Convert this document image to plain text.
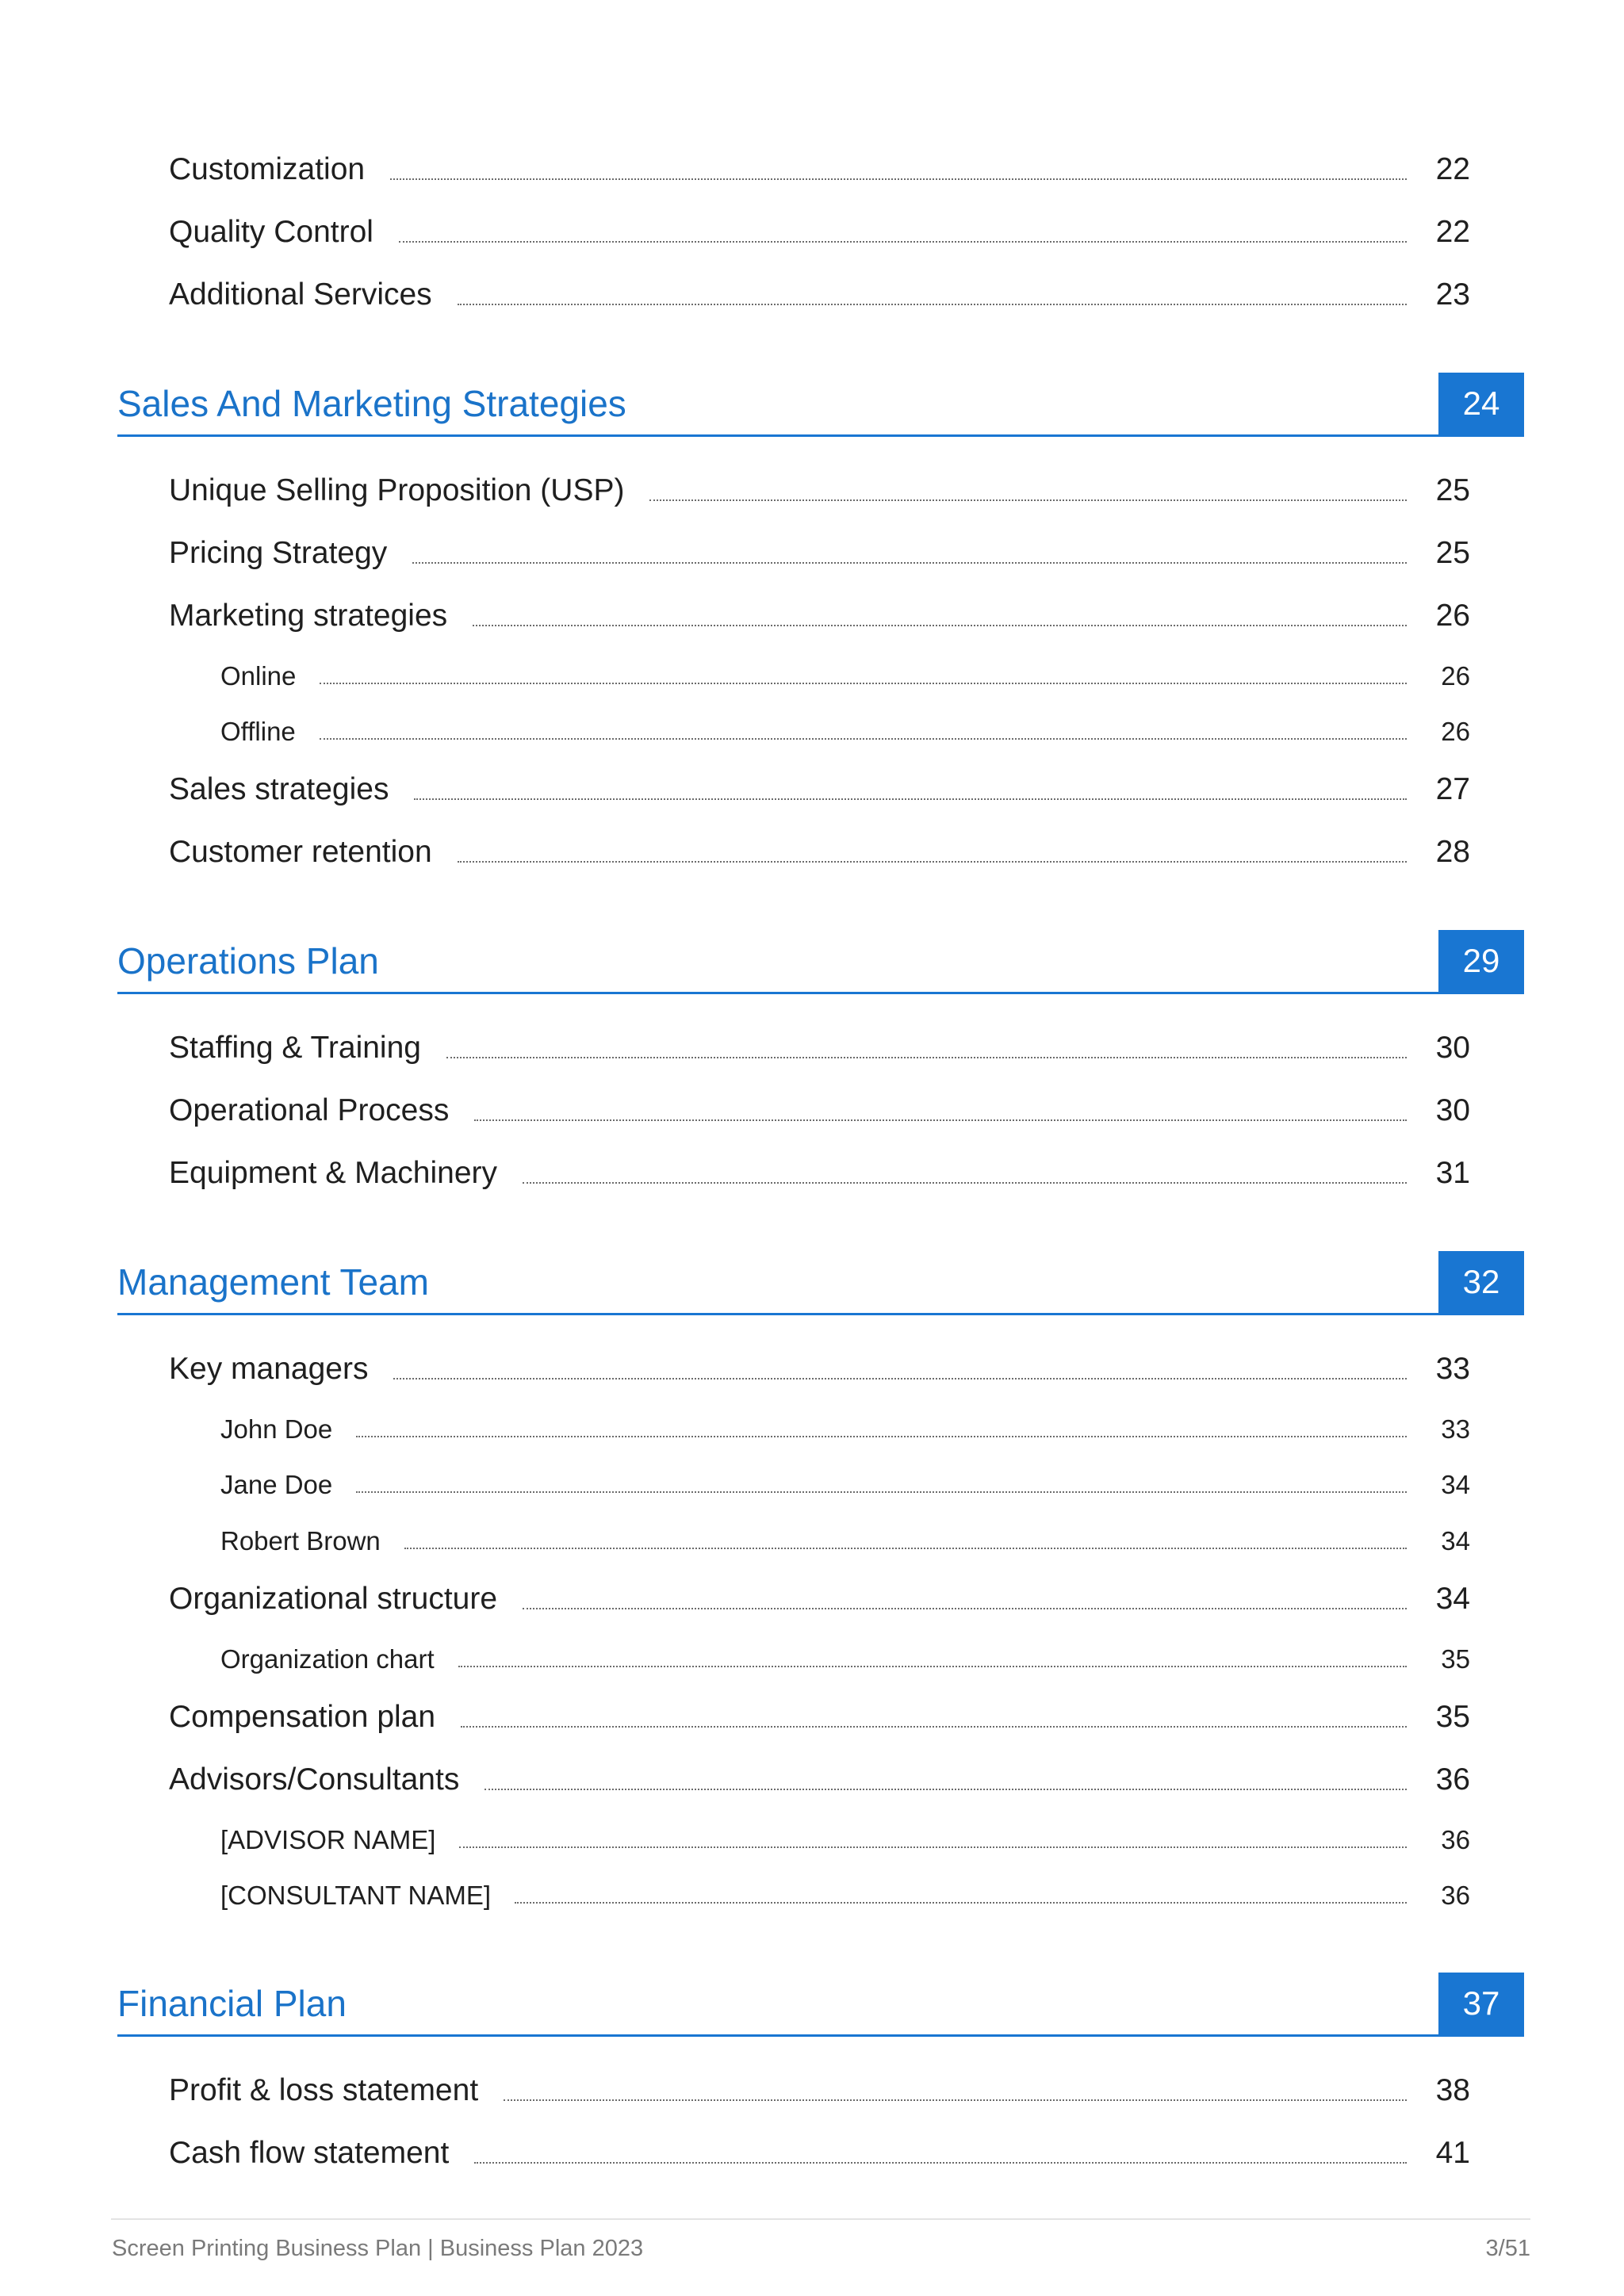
Customization	22
Quality Control	22
Additional Services	23
Sales And Marketing Strategies	24
Unique Selling Proposition (USP)	25
Pricing Strategy	25
Marketing strategies	26
Online	26
Offline	26
Sales strategies	27
Customer retention	28
Operations Plan	29
Staffing & Training	30
Operational Process	30
Equipment & Machinery	31
Management Team	32
Key managers	33
John Doe	33
Jane Doe	34
Robert Brown	34
Organizational structure	34
Organization chart	35
Compensation plan	35
Advisors/Consultants	36
[ADVISOR NAME]	36
[CONSULTANT NAME]	36
Financial Plan	37
Profit & loss statement	38
Cash flow statement	41
Screen Printing Business Plan | Business Plan 2023	3/51
